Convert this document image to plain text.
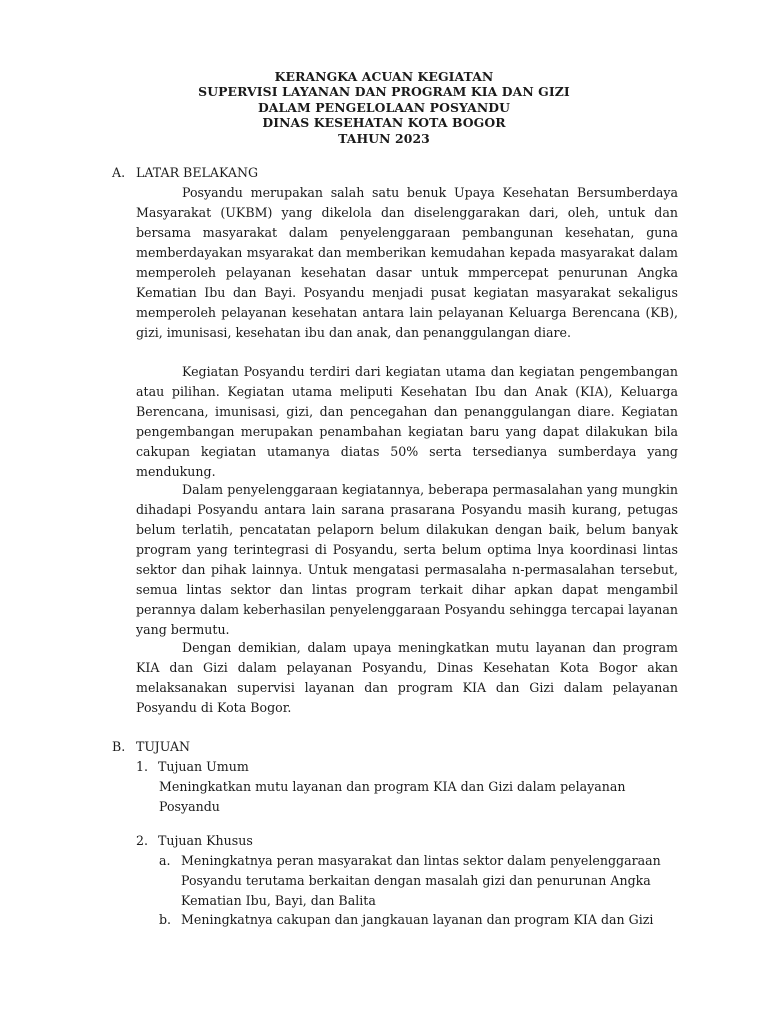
KERANGKA ACUAN KEGIATAN
SUPERVISI LAYANAN DAN PROGRAM KIA DAN GIZI
DALAM PENGELOLAAN POSYANDU
DINAS KESEHATAN KOTA BOGOR
TAHUN 2023
A. LATAR BELAKANG

Posyandu merupakan salah satu benuk Upaya Kesehatan Bersumberdaya Masyarakat (UKBM) yang dikelola dan diselenggarakan dari, oleh, untuk dan bersama masyarakat dalam penyelenggaraan pembangunan kesehatan, guna memberdayakan msyarakat dan memberikan kemudahan kepada masyarakat dalam memperoleh pelayanan kesehatan dasar untuk mmpercepat penurunan Angka Kematian Ibu dan Bayi. Posyandu menjadi pusat kegiatan masyarakat sekaligus memperoleh pelayanan kesehatan antara lain pelayanan Keluarga Berencana (KB), gizi, imunisasi, kesehatan ibu dan anak, dan penanggulangan diare.

Kegiatan Posyandu terdiri dari kegiatan utama dan kegiatan pengembangan atau pilihan. Kegiatan utama meliputi Kesehatan Ibu dan Anak (KIA), Keluarga Berencana, imunisasi, gizi, dan pencegahan dan penanggulangan diare. Kegiatan pengembangan merupakan penambahan kegiatan baru yang dapat dilakukan bila cakupan kegiatan utamanya diatas 50% serta tersedianya sumberdaya yang mendukung.

Dalam penyelenggaraan kegiatannya, beberapa permasalahan yang mungkin dihadapi Posyandu antara lain sarana prasarana Posyandu masih kurang, petugas belum terlatih, pencatatan pelaporn belum dilakukan dengan baik, belum banyak program yang terintegrasi di Posyandu, serta belum optima lnya koordinasi lintas sektor dan pihak lainnya. Untuk mengatasi permasalaha n-permasalahan tersebut, semua lintas sektor dan lintas program terkait dihar apkan dapat mengambil perannya dalam keberhasilan penyelenggaraan Posyandu sehingga tercapai layanan yang bermutu.

Dengan demikian, dalam upaya meningkatkan mutu layanan dan program KIA dan Gizi dalam pelayanan Posyandu, Dinas Kesehatan Kota Bogor akan melaksanakan supervisi layanan dan program KIA dan Gizi dalam pelayanan Posyandu di Kota Bogor.

B. TUJUAN
1. Tujuan Umum

Meningkatkan mutu layanan dan program KIA dan Gizi dalam pelayanan Posyandu

2. Tujuan Khusus
a. Meningkatnya peran masyarakat dan lintas sektor dalam penyelenggaraan Posyandu terutama berkaitan dengan masalah gizi dan penurunan Angka Kematian Ibu, Bayi, dan Balita
b. Meningkatnya cakupan dan jangkauan layanan dan program KIA dan Gizi
